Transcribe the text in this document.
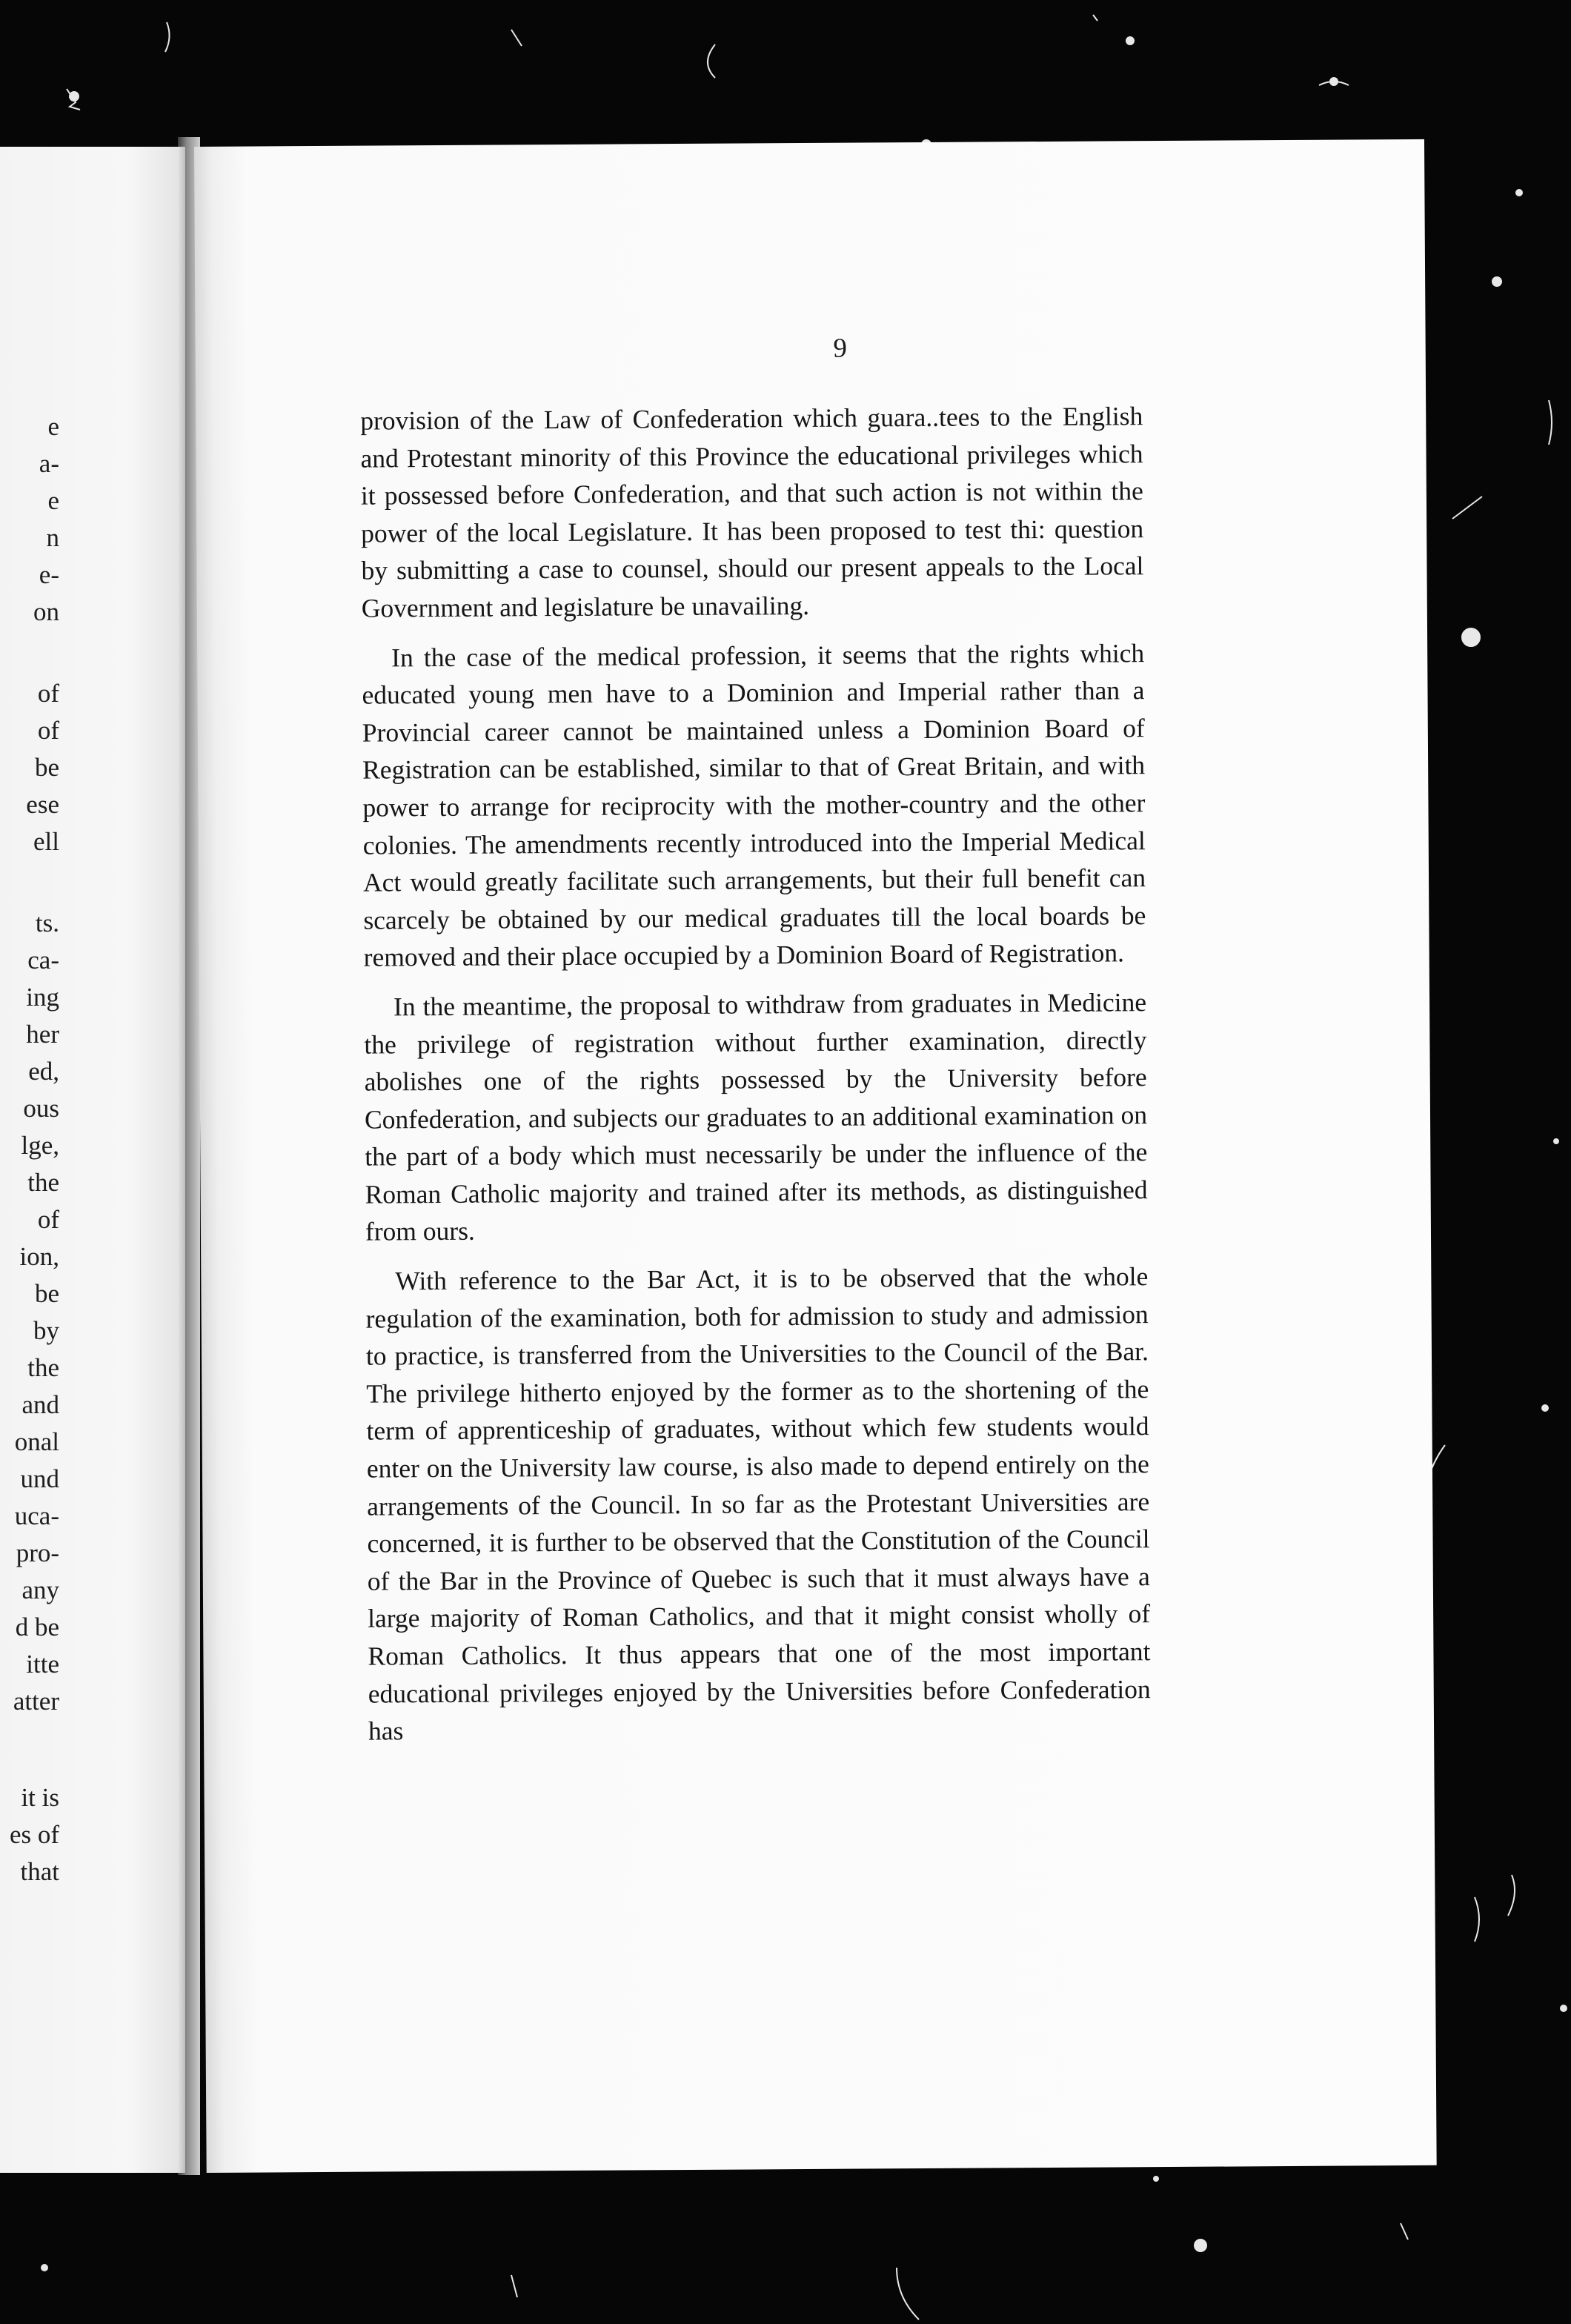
e
a-
e
n
e-
on
of
of
be
ese
ell
ts.
ca-
ing
her
ed,
ous
lge,
the
of
ion,
be
by
the
and
onal
und
uca-
pro-
any
d be
itte
atter
it is
es of
that
9

provision of the Law of Confederation which guara..tees to the English and Protestant minority of this Province the educational privileges which it possessed before Confederation, and that such action is not within the power of the local Legislature. It has been proposed to test thi: question by submitting a case to counsel, should our present appeals to the Local Government and legislature be unavailing.

In the case of the medical profession, it seems that the rights which educated young men have to a Dominion and Imperial rather than a Provincial career cannot be maintained unless a Dominion Board of Registration can be established, similar to that of Great Britain, and with power to arrange for reciprocity with the mother-country and the other colonies. The amendments recently introduced into the Imperial Medical Act would greatly facilitate such arrangements, but their full benefit can scarcely be obtained by our medical graduates till the local boards be removed and their place occupied by a Dominion Board of Registration.

In the meantime, the proposal to withdraw from graduates in Medicine the privilege of registration without further examination, directly abolishes one of the rights possessed by the University before Confederation, and subjects our graduates to an additional examination on the part of a body which must necessarily be under the influence of the Roman Catholic majority and trained after its methods, as distinguished from ours.

With reference to the Bar Act, it is to be observed that the whole regulation of the examination, both for admission to study and admission to practice, is transferred from the Universities to the Council of the Bar. The privilege hitherto enjoyed by the former as to the shortening of the term of apprenticeship of graduates, without which few students would enter on the University law course, is also made to depend entirely on the arrangements of the Council. In so far as the Protestant Universities are concerned, it is further to be observed that the Constitution of the Council of the Bar in the Province of Quebec is such that it must always have a large majority of Roman Catholics, and that it might consist wholly of Roman Catholics. It thus appears that one of the most important educational privileges enjoyed by the Universities before Confederation has
